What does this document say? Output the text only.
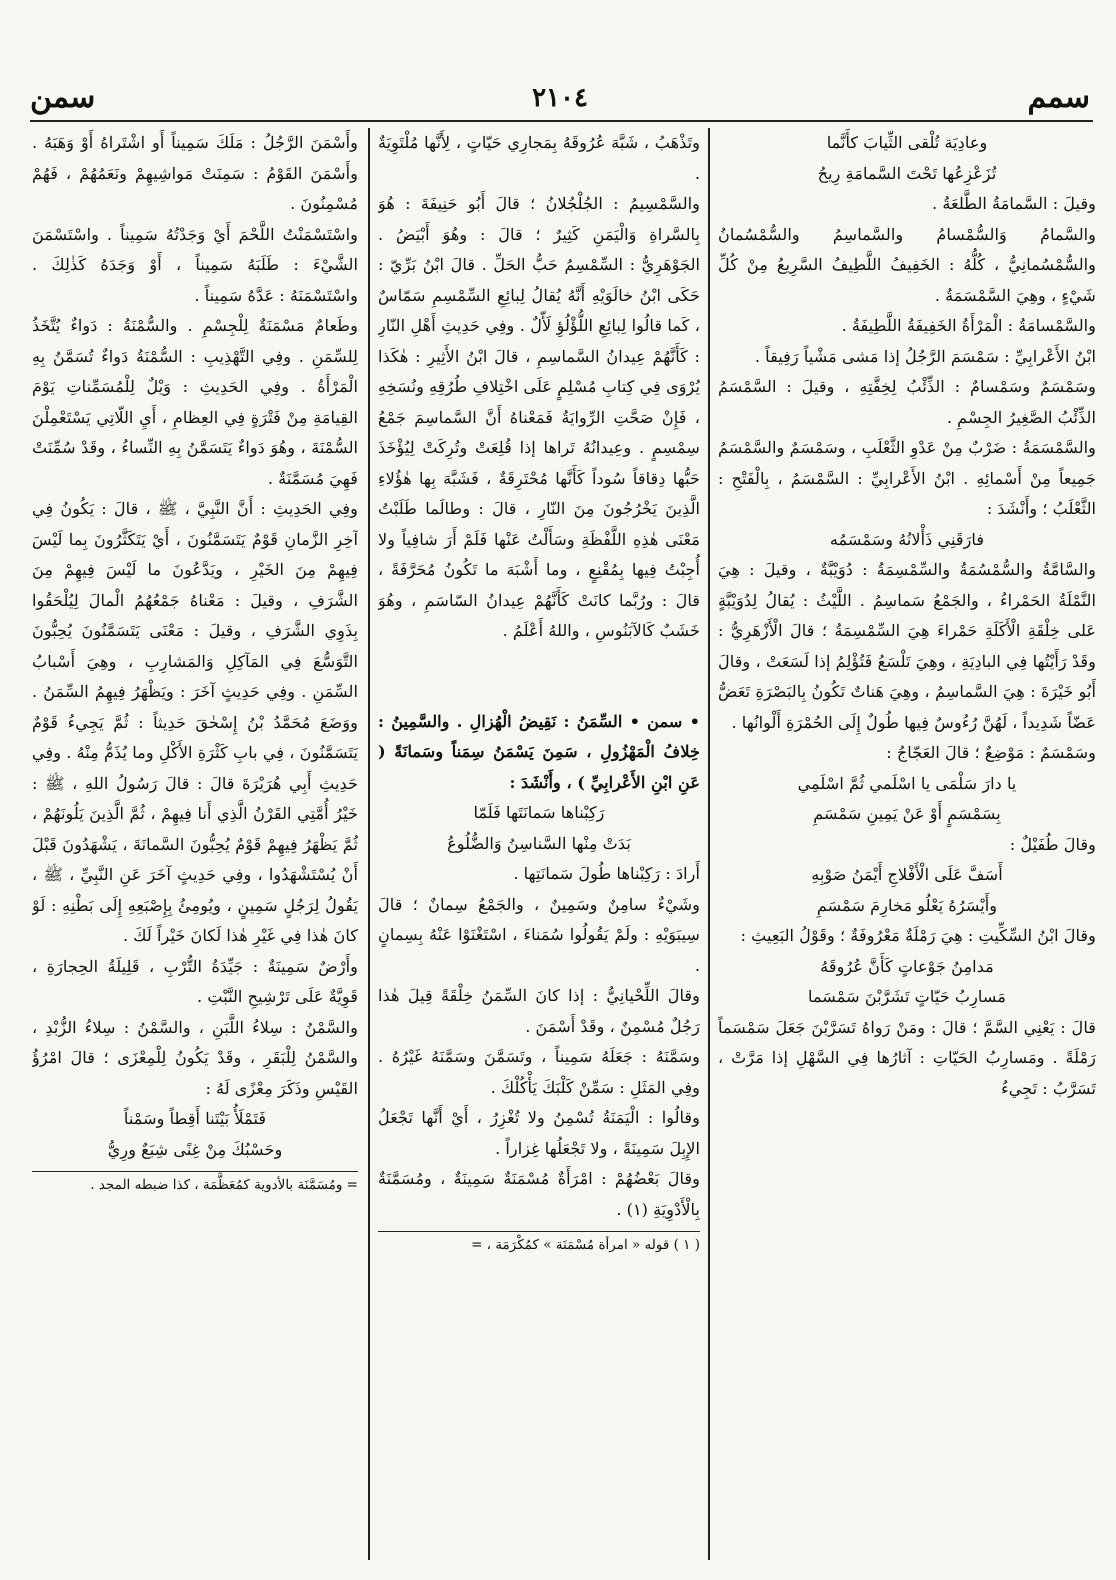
سمم
٢١٠٤
سمن

وعادِيَة تُلْقى الثِّيابَ كأَنَّما

تُزَعْزِعُها تَحْتَ السَّمامَةِ رِيحُ

وقيلَ : السَّمامَةُ الطَّلعَةُ .

والسَّمامُ وَالسُّمْسامُ والسَّماسِمُ والسُّمْسُمانُ والسُّمْسُمانِيُّ ، كُلُّهُ : الخَفِيفُ اللَّطِيفُ السَّرِيعُ مِنْ كُلِّ شَيْءٍ ، وهِيَ السَّمْسَمَةُ .

والسَّمْسامَةُ : الْمَرْأَةُ الخَفِيفَةُ اللَّطِيفَةُ .

ابْنُ الأَعْرابِيِّ : سَمْسَمَ الرَّجُلُ إذا مَشى مَشْياً رَفِيقاً .

وسَمْسَمٌ وسَمْسامٌ : الذِّئْبُ لِخِفَّتِهِ ، وقيلَ : السَّمْسَمُ الذِّئْبُ الصَّغِيرُ الجِسْمِ .

والسَّمْسَمَةُ : ضَرْبٌ مِنْ عَدْوِ الثَّعْلَبِ ، وسَمْسَمٌ والسَّمْسَمُ جَمِيعاً مِنْ أَسْمائِهِ . ابْنُ الأَعْرابِيِّ : السَّمْسَمُ ، بِالْفَتْحِ : الثَّعْلَبُ ؛ وأَنْشَدَ :

فارَقَنِي ذَأْلانُهُ وسَمْسَمُه

والسَّامَّةُ والسُّمْسُمَةُ والسِّمْسِمَةُ : دُوَيْبَّةٌ ، وقيلَ : هِيَ النَّمْلَةُ الحَمْراءُ ، والجَمْعُ سَماسِمُ . اللَّيْثُ : يُقالُ لِدُوَيْبَّةٍ عَلى خِلْقَةِ الْأَكَلَةِ حَمْراءَ هِيَ السِّمْسِمَةُ ؛ قالَ الْأَزْهَرِيُّ : وقَدْ رَأَيْتُها فِي البادِيَةِ ، وهِيَ تَلْسَعُ فَتُؤْلِمُ إذا لَسَعَتْ ، وقالَ أَبُو خَيْرَةَ : هِيَ السَّماسِمُ ، وهِيَ هَناتٌ تَكُونُ بِالبَصْرَةِ تَعَضُّ عَضّاً شَدِيداً ، لَهُنَّ رُءُوسٌ فِيها طُولٌ إِلَى الحُمْرَةِ أَلْوانُها .

وسَمْسَمٌ : مَوْضِعٌ ؛ قالَ العَجّاجُ :

يا دارَ سَلْمَى يا اسْلَمي ثُمَّ اسْلَمِي

بِسَمْسَمٍ أَوْ عَنْ يَمِينِ سَمْسَمِ

وقالَ طُفَيْلٌ :

أَسَفَّ عَلَى الْأَفْلاجِ أَيْمَنُ صَوْبِهِ

وأَيْسَرُهُ يَعْلُو مَخارِمَ سَمْسَمِ

وقالَ ابْنُ السِّكِّيتِ : هِيَ رَمْلَةٌ مَعْرُوفَةٌ ؛ وقَوْلُ البَعِيثِ :

مَدامِنُ جَوْعاتٍ كَأَنَّ عُرُوقَهُ

مَسارِبُ حَيّاتٍ تَشَرَّبْنَ سَمْسَما

قالَ : يَعْنِي السَّمَّ ؛ قالَ : ومَنْ رَواهُ تَسَرَّبْنَ جَعَلَ سَمْسَماً رَمْلَةً . ومَسارِبُ الحَيّاتِ : آثارُها فِي السَّهْلِ إذا مَرَّتْ ، تَسَرَّبُ : تَجِيءُ

وتَذْهَبُ ، شَبَّهَ عُرُوقَهُ بِمَجارِي حَيّاتٍ ، لِأَنَّها مُلْتَوِيَةٌ .

والسَّمْسِيمُ : الجُلْجُلانُ ؛ قالَ أَبُو حَنِيفَةَ : هُوَ بِالسَّراةِ وَالْيَمَنِ كَثِيرٌ ؛ قالَ : وهُوَ أَبْيَضُ . الجَوْهَرِيُّ : السِّمْسِمُ حَبُّ الحَلِّ . قالَ ابْنُ بَرِّيّ : حَكَى ابْنُ خالَوَيْهِ أَنَّهُ يُقالُ لِبائِعِ السِّمْسِمِ سَمّاسٌ ، كَما قالُوا لِبائِعِ اللُّؤْلُؤِ لَأّلٌ . وفِي حَدِيثِ أَهْلِ النّارِ : كَأَنَّهُمْ عِيدانُ السَّماسِمِ ، قالَ ابْنُ الأَثِيرِ : هٰكَذا يُرْوَى فِي كِتابِ مُسْلِمٍ عَلَى اخْتِلافِ طُرُقِهِ ونُسَخِهِ ، فَإِنْ صَحَّتِ الرِّوايَةُ فَمَعْناهُ أَنَّ السَّماسِمَ جَمْعُ سِمْسِمٍ . وعِيدانُهُ تَراها إذا قُلِعَتْ وتُرِكَتْ لِيُؤْخَذَ حَبُّها دِقاقاً سُوداً كَأَنَّها مُحْتَرِقَةٌ ، فَشَبَّهَ بِها هٰؤُلاءِ الَّذِينَ يَخْرُجُونَ مِنَ النّارِ ، قالَ : وطالَما طَلَبْتُ مَعْنَى هٰذِهِ اللَّفْظَةِ وسَأَلْتُ عَنْها فَلَمْ أَرَ شافِياً ولا أُجِبْتُ فِيها بِمُقْنِعٍ ، وما أَشْبَهَ ما تَكُونُ مُحَرَّفَةً ، قالَ : ورُبَّما كانَتْ كَأَنَّهُمْ عِيدانُ السّاسَمِ ، وهُوَ خَشَبٌ كَالآبَنُوسِ ، واللهُ أَعْلَمُ .

• سمن • السِّمَنُ : نَقِيضُ الْهُزالِ . والسَّمِينُ : خِلافُ الْمَهْزُولِ ، سَمِنَ يَسْمَنُ سِمَناً وسَمانَةً ( عَنِ ابْنِ الأَعْرابِيِّ ) ، وأَنْشَدَ :

رَكِبْناها سَمانَتَها فَلَمّا

بَدَتْ مِنْها السَّناسِنُ وَالضُّلُوعُ

أَرادَ : رَكِبْناها طُولَ سَمانَتِها .

وشَيْءٌ سامِنٌ وسَمِينٌ ، والجَمْعُ سِمانٌ ؛ قالَ سِيبَوَيْهِ : ولَمْ يَقُولُوا سُمَناءَ ، اسْتَغْنَوْا عَنْهُ بِسِمانٍ .

وقالَ اللِّحْيانِيُّ : إذا كانَ السِّمَنُ خِلْقَةً قِيلَ هٰذا رَجُلٌ مُسْمِنٌ ، وقَدْ أَسْمَنَ .

وسَمَّنَهُ : جَعَلَهُ سَمِيناً ، وتَسَمَّنَ وسَمَّنَهُ غَيْرُهُ . وفِي المَثَلِ : سَمِّنْ كَلْبَكَ يَأْكُلْكَ .

وقالُوا : الْيَمَنَةُ تُسْمِنُ ولا تُغْزِرُ ، أَيْ أَنَّها تَجْعَلُ الإِبِلَ سَمِينَةً ، ولا تَجْعَلُها غِزاراً .

وقالَ بَعْضُهُمْ : امْرَأَةٌ مُسْمَنَةٌ سَمِينَةٌ ، ومُسَمَّنَةٌ بِالْأَدْوِيَةِ (١) .

( ١ ) قوله « امرأة مُسْمَنَة » كمُكْرَمَة ، =

وأَسْمَنَ الرَّجُلُ : مَلَكَ سَمِيناً أَو اشْتَراهُ أَوْ وَهَبَهُ . وأَسْمَنَ القَوْمُ : سَمِنَتْ مَواشِيهِمْ ونَعَمُهُمْ ، فَهُمْ مُسْمِنُونَ .

واسْتَسْمَنْتُ اللَّحْمَ أَيْ وَجَدْتُهُ سَمِيناً . واسْتَسْمَنَ الشَّيْءَ : طَلَبَهُ سَمِيناً ، أَوْ وَجَدَهُ كَذٰلِكَ . واسْتَسْمَنَهُ : عَدَّهُ سَمِيناً .

وطَعامٌ مَسْمَنَةٌ لِلْجِسْمِ . والسُّمْنَةُ : دَواءٌ يُتَّخَذُ لِلسِّمَنِ . وفِي التَّهْذِيبِ : السُّمْنَةُ دَواءٌ تُسَمَّنُ بِهِ الْمَرْأَةُ . وفِي الحَدِيثِ : وَيْلٌ لِلْمُسَمِّناتِ يَوْمَ القِيامَةِ مِنْ فَتْرَةٍ فِي العِظامِ ، أَيِ اللّاتِي يَسْتَعْمِلْنَ السُّمْنَةَ ، وهُوَ دَواءٌ يَتَسَمَّنُ بِهِ النِّساءُ ، وقَدْ سُمِّنَتْ فَهِيَ مُسَمَّنَةٌ .

وفِي الحَدِيثِ : أَنَّ النَّبِيَّ ، ﷺ ، قالَ : يَكُونُ فِي آخِرِ الزَّمانِ قَوْمٌ يَتَسَمَّنُونَ ، أَيْ يَتَكَثَّرُونَ بِما لَيْسَ فِيهِمْ مِنَ الخَيْرِ ، ويَدَّعُونَ ما لَيْسَ فِيهِمْ مِنَ الشَّرَفِ ، وقيلَ : مَعْناهُ جَمْعُهُمُ الْمالَ لِيُلْحَقُوا بِذَوِي الشَّرَفِ ، وقيلَ : مَعْنَى يَتَسَمَّنُونَ يُحِبُّونَ التَّوَسُّعَ فِي المَآكِلِ وَالمَشارِبِ ، وهِيَ أَسْبابُ السِّمَنِ . وفِي حَدِيثٍ آخَرَ : ويَظْهَرُ فِيهِمُ السِّمَنُ . ووَضَعَ مُحَمَّدُ بْنُ إِسْحٰقَ حَدِيثاً : ثُمَّ يَجِيءُ قَوْمٌ يَتَسَمَّنُونَ ، فِي بابِ كَثْرَةِ الأَكْلِ وما يُذَمُّ مِنْهُ . وفِي حَدِيثِ أَبِي هُرَيْرَةَ قالَ : قالَ رَسُولُ اللهِ ، ﷺ : خَيْرُ أُمَّتِي القَرْنُ الَّذِي أَنا فِيهِمْ ، ثُمَّ الَّذِينَ يَلُونَهُمْ ، ثُمَّ يَظْهَرُ فِيهِمْ قَوْمٌ يُحِبُّونَ السَّمانَةَ ، يَشْهَدُونَ قَبْلَ أَنْ يُسْتَشْهَدُوا ، وفِي حَدِيثٍ آخَرَ عَنِ النَّبِيِّ ، ﷺ ، يَقُولُ لِرَجُلٍ سَمِينٍ ، ويُومِئُ بِإِصْبَعِهِ إِلَى بَطْنِهِ : لَوْ كانَ هٰذا فِي غَيْرِ هٰذا لَكانَ خَيْراً لَكَ .

وأَرْضٌ سَمِينَةٌ : جَيِّدَةُ التُّرْبِ ، قَلِيلَةُ الحِجارَةِ ، قَوِيَّةٌ عَلَى تَرْشِيحِ النَّبْتِ .

والسَّمْنُ : سِلاءُ اللَّبَنِ ، والسَّمْنُ : سِلاءُ الزُّبْدِ ، والسَّمْنُ لِلْبَقَرِ ، وقَدْ يَكُونُ لِلْمِعْزَى ؛ قالَ امْرُؤُ القَيْسِ وذَكَرَ مِعْزًى لَهُ :

فَتَمْلَأُ بَيْتَنا أَقِطاً وسَمْناً

وحَسْبُكَ مِنْ غِنًى شِبَعٌ ورِيُّ

= ومُسَمَّنَة بالأدوية كمُعَظَّمَة ، كذا ضبطه المجد .
